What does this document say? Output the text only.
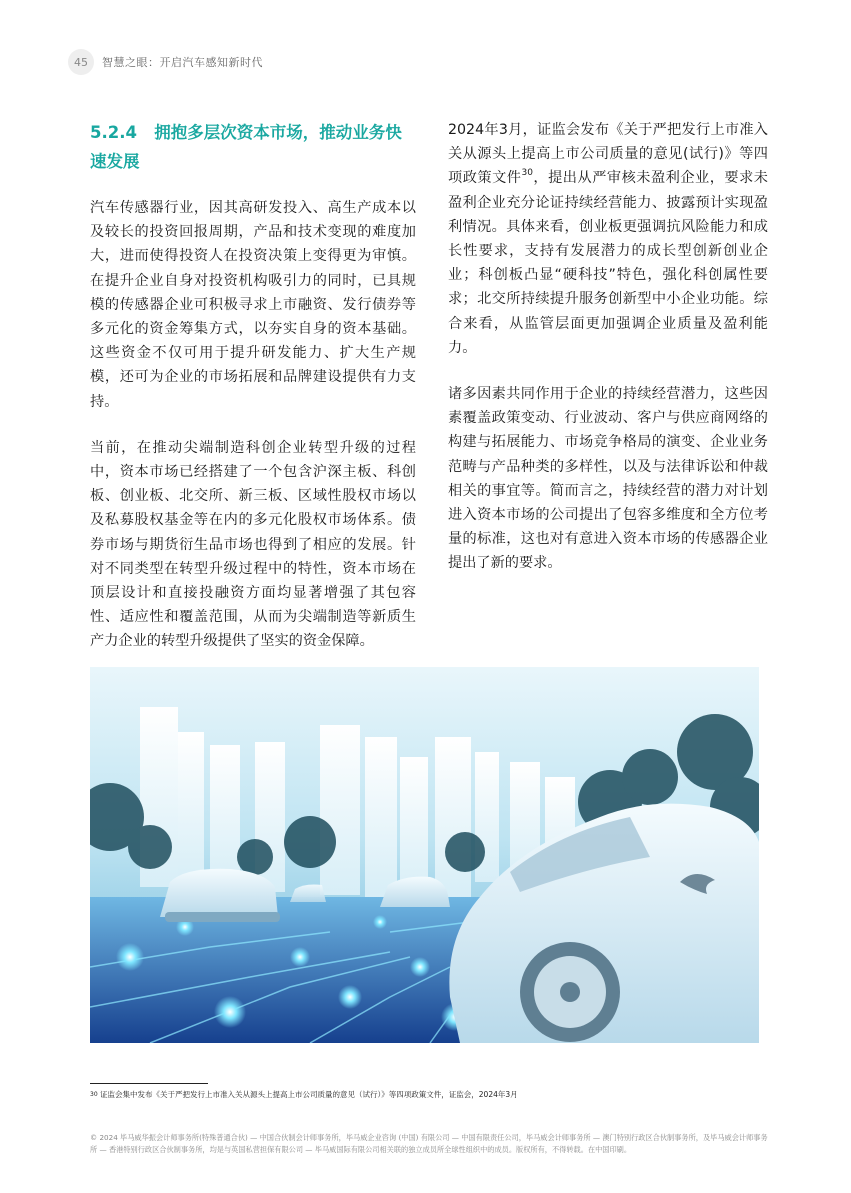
45	智慧之眼：开启汽车感知新时代
5.2.4   拥抱多层次资本市场，推动业务快
速发展

汽车传感器行业，因其高研发投入、高生产成本以及较长的投资回报周期，产品和技术变现的难度加大，进而使得投资人在投资决策上变得更为审慎。在提升企业自身对投资机构吸引力的同时，已具规模的传感器企业可积极寻求上市融资、发行债券等多元化的资金筹集方式，以夯实自身的资本基础。这些资金不仅可用于提升研发能力、扩大生产规模，还可为企业的市场拓展和品牌建设提供有力支持。

当前，在推动尖端制造科创企业转型升级的过程中，资本市场已经搭建了一个包含沪深主板、科创板、创业板、北交所、新三板、区域性股权市场以及私募股权基金等在内的多元化股权市场体系。债券市场与期货衍生品市场也得到了相应的发展。针对不同类型在转型升级过程中的特性，资本市场在顶层设计和直接投融资方面均显著增强了其包容性、适应性和覆盖范围，从而为尖端制造等新质生产力企业的转型升级提供了坚实的资金保障。

2024年3月，证监会发布《关于严把发行上市准入关从源头上提高上市公司质量的意见(试行)》等四项政策文件$^{30}$，提出从严审核未盈利企业，要求未盈利企业充分论证持续经营能力、披露预计实现盈利情况。具体来看，创业板更强调抗风险能力和成长性要求，支持有发展潜力的成长型创新创业企业；科创板凸显“硬科技”特色，强化科创属性要求；北交所持续提升服务创新型中小企业功能。综合来看，从监管层面更加强调企业质量及盈利能力。

诸多因素共同作用于企业的持续经营潜力，这些因素覆盖政策变动、行业波动、客户与供应商网络的构建与拓展能力、市场竞争格局的演变、企业业务范畴与产品种类的多样性，以及与法律诉讼和仲裁相关的事宜等。简而言之，持续经营的潜力对计划进入资本市场的公司提出了包容多维度和全方位考量的标准，这也对有意进入资本市场的传感器企业提出了新的要求。

$^{30}$ 证监会集中发布《关于严把发行上市准入关从源头上提高上市公司质量的意见（试行）》等四项政策文件，证监会，2024年3月
© 2024 毕马威华振会计师事务所(特殊普通合伙) — 中国合伙制会计师事务所，毕马威企业咨询 (中国) 有限公司 — 中国有限责任公司，毕马威会计师事务所 — 澳门特别行政区合伙制事务所，及毕马威会计师事务所 — 香港特别行政区合伙制事务所，均是与英国私营担保有限公司 — 毕马威国际有限公司相关联的独立成员所全球性组织中的成员。版权所有，不得转载。在中国印刷。
